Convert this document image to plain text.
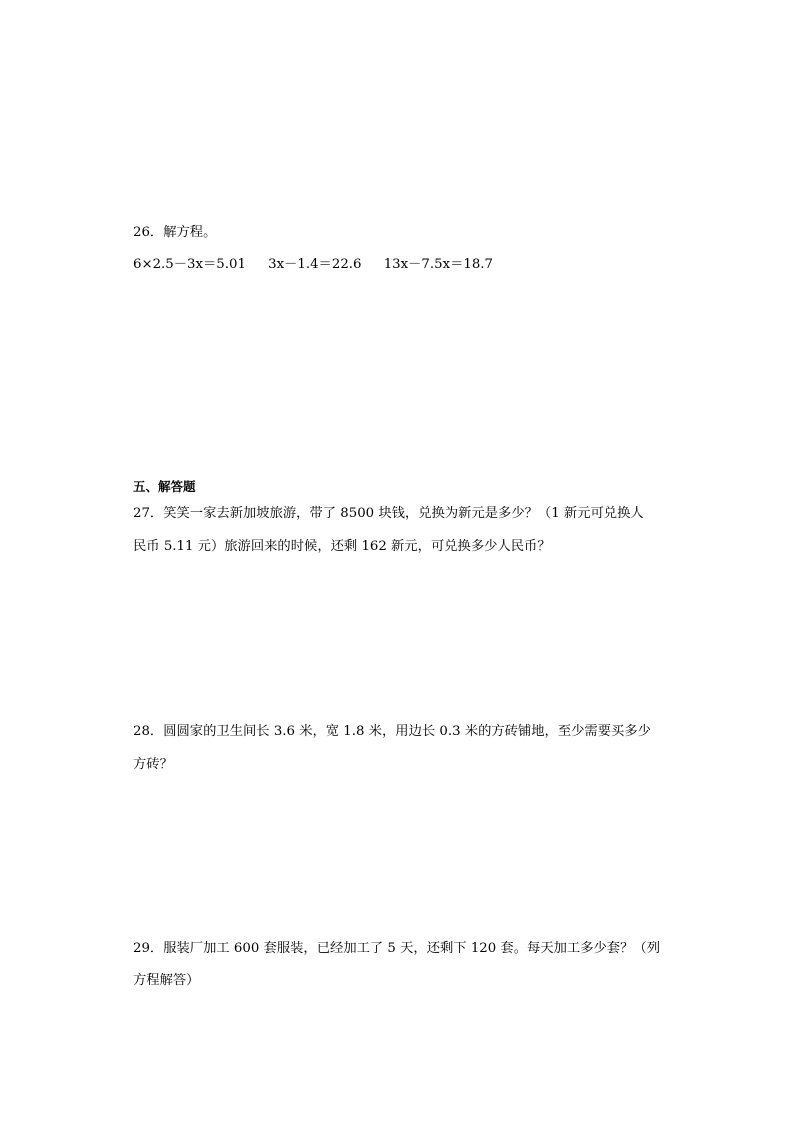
26．解方程。
6×2.5－3x＝5.01 3x－1.4＝22.6 13x－7.5x＝18.7
五、解答题
27．笑笑一家去新加坡旅游，带了 8500 块钱，兑换为新元是多少？（1 新元可兑换人
民币 5.11 元）旅游回来的时候，还剩 162 新元，可兑换多少人民币？
28．圆圆家的卫生间长 3.6 米，宽 1.8 米，用边长 0.3 米的方砖铺地，至少需要买多少
方砖？
29．服装厂加工 600 套服装，已经加工了 5 天，还剩下 120 套。每天加工多少套？（列
方程解答）
